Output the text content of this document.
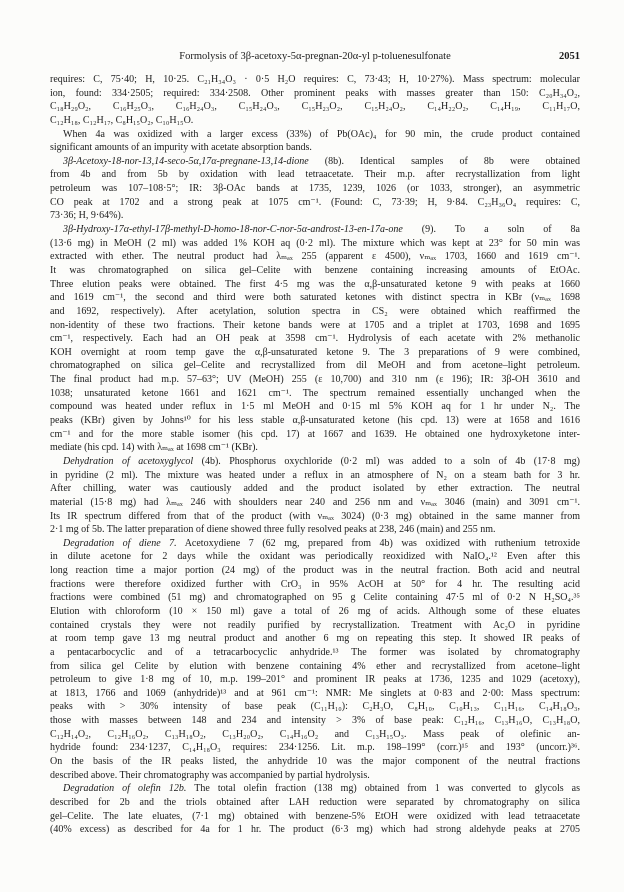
Formolysis of 3β-acetoxy-5α-pregnan-20α-yl p-toluenesulfonate	2051
requires: C, 75·40; H, 10·25. C₂₁H₃₄O₃ · 0·5 H₂O requires: C, 73·43; H, 10·27%). Mass spectrum: molecular
ion, found: 334·2505; required: 334·2508. Other prominent peaks with masses greater than 150: C₂₀H₃₄O₂,
C₁₈H₂₉O₂, C₁₆H₂₅O₃, C₁₆H₂₄O₃, C₁₅H₂₄O₃, C₁₅H₂₃O₂, C₁₅H₂₄O₂, C₁₄H₂₂O₂, C₁₄H₁₉, C₁₁H₁₇O,
C₁₂H₁₈, C₁₂H₁₇, C₈H₁₅O₂, C₁₀H₁₅O.
When 4a was oxidized with a larger excess (33%) of Pb(OAc)₄ for 90 min, the crude product contained
significant amounts of an impurity with acetate absorption bands.
3β-Acetoxy-18-nor-13,14-seco-5α,17α-pregnane-13,14-dione (8b). Identical samples of 8b were obtained
from 4b and from 5b by oxidation with lead tetraacetate. Their m.p. after recrystallization from light
petroleum was 107–108·5°; IR: 3β-OAc bands at 1735, 1239, 1026 (or 1033, stronger), an asymmetric
CO peak at 1702 and a strong peak at 1075 cm⁻¹. (Found: C, 73·39; H, 9·84. C₂₃H₃₆O₄ requires: C,
73·36; H, 9·64%).
3β-Hydroxy-17α-ethyl-17β-methyl-D-homo-18-nor-C-nor-5α-androst-13-en-17a-one (9). To a soln of 8a
(13·6 mg) in MeOH (2 ml) was added 1% KOH aq (0·2 ml). The mixture which was kept at 23° for 50 min was
extracted with ether. The neutral product had λₘₐₓ 255 (apparent ε 4500), νₘₐₓ 1703, 1660 and 1619 cm⁻¹.
It was chromatographed on silica gel–Celite with benzene containing increasing amounts of EtOAc.
Three elution peaks were obtained. The first 4·5 mg was the α,β-unsaturated ketone 9 with peaks at 1660
and 1619 cm⁻¹, the second and third were both saturated ketones with distinct spectra in KBr (νₘₐₓ 1698
and 1692, respectively). After acetylation, solution spectra in CS₂ were obtained which reaffirmed the
non-identity of these two fractions. Their ketone bands were at 1705 and a triplet at 1703, 1698 and 1695
cm⁻¹, respectively. Each had an OH peak at 3598 cm⁻¹. Hydrolysis of each acetate with 2% methanolic
KOH overnight at room temp gave the α,β-unsaturated ketone 9. The 3 preparations of 9 were combined,
chromatographed on silica gel–Celite and recrystallized from dil MeOH and from acetone–light petroleum.
The final product had m.p. 57–63°; UV (MeOH) 255 (ε 10,700) and 310 nm (ε 196); IR: 3β-OH 3610 and
1038; unsaturated ketone 1661 and 1621 cm⁻¹. The spectrum remained essentially unchanged when the
compound was heated under reflux in 1·5 ml MeOH and 0·15 ml 5% KOH aq for 1 hr under N₂. The
peaks (KBr) given by Johns¹⁰ for his less stable α,β-unsaturated ketone (his cpd. 13) were at 1658 and 1616
cm⁻¹ and for the more stable isomer (his cpd. 17) at 1667 and 1639. He obtained one hydroxyketone inter-
mediate (his cpd. 14) with λₘₐₓ at 1698 cm⁻¹ (KBr).
Dehydration of acetoxyglycol (4b). Phosphorus oxychloride (0·2 ml) was added to a soln of 4b (17·8 mg)
in pyridine (2 ml). The mixture was heated under a reflux in an atmosphere of N₂ on a steam bath for 3 hr.
After chilling, water was cautiously added and the product isolated by ether extraction. The neutral
material (15·8 mg) had λₘₐₓ 246 with shoulders near 240 and 256 nm and νₘₐₓ 3046 (main) and 3091 cm⁻¹.
Its IR spectrum differed from that of the product (with νₘₐₓ 3024) (0·3 mg) obtained in the same manner from
2·1 mg of 5b. The latter preparation of diene showed three fully resolved peaks at 238, 246 (main) and 255 nm.
Degradation of diene 7. Acetoxydiene 7 (62 mg, prepared from 4b) was oxidized with ruthenium tetroxide
in dilute acetone for 2 days while the oxidant was periodically reoxidized with NaIO₄.¹² Even after this
long reaction time a major portion (24 mg) of the product was in the neutral fraction. Both acid and neutral
fractions were therefore oxidized further with CrO₃ in 95% AcOH at 50° for 4 hr. The resulting acid
fractions were combined (51 mg) and chromatographed on 95 g Celite containing 47·5 ml of 0·2 N H₂SO₄.³⁵
Elution with chloroform (10 × 150 ml) gave a total of 26 mg of acids. Although some of these eluates
contained crystals they were not readily purified by recrystallization. Treatment with Ac₂O in pyridine
at room temp gave 13 mg neutral product and another 6 mg on repeating this step. It showed IR peaks of
a pentacarbocyclic and of a tetracarbocyclic anhydride.¹³ The former was isolated by chromatography
from silica gel Celite by elution with benzene containing 4% ether and recrystallized from acetone–light
petroleum to give 1·8 mg of 10, m.p. 199–201° and prominent IR peaks at 1736, 1235 and 1029 (acetoxy),
at 1813, 1766 and 1069 (anhydride)¹³ and at 961 cm⁻¹: NMR: Me singlets at 0·83 and 2·00: Mass spectrum:
peaks with > 30% intensity of base peak (C₁₁H₁₀): C₂H₃O, C₈H₁₀, C₁₀H₁₃, C₁₁H₁₆, C₁₄H₁₈O₃,
those with masses between 148 and 234 and intensity > 3% of base peak: C₁₂H₁₆, C₁₃H₁₆O, C₁₃H₁₈O,
C₁₂H₁₄O₂, C₁₂H₁₆O₂, C₁₃H₁₈O₂, C₁₃H₂₀O₂, C₁₄H₁₆O₂ and C₁₃H₁₅O₃. Mass peak of olefinic an-
hydride found: 234·1237, C₁₄H₁₈O₃ requires: 234·1256. Lit. m.p. 198–199° (corr.)¹⁵ and 193° (uncorr.)³⁶.
On the basis of the IR peaks listed, the anhydride 10 was the major component of the neutral fractions
described above. Their chromatography was accompanied by partial hydrolysis.
Degradation of olefin 12b. The total olefin fraction (138 mg) obtained from 1 was converted to glycols as
described for 2b and the triols obtained after LAH reduction were separated by chromatography on silica
gel–Celite. The late eluates, (7·1 mg) obtained with benzene-5% EtOH were oxidized with lead tetraacetate
(40% excess) as described for 4a for 1 hr. The product (6·3 mg) which had strong aldehyde peaks at 2705
